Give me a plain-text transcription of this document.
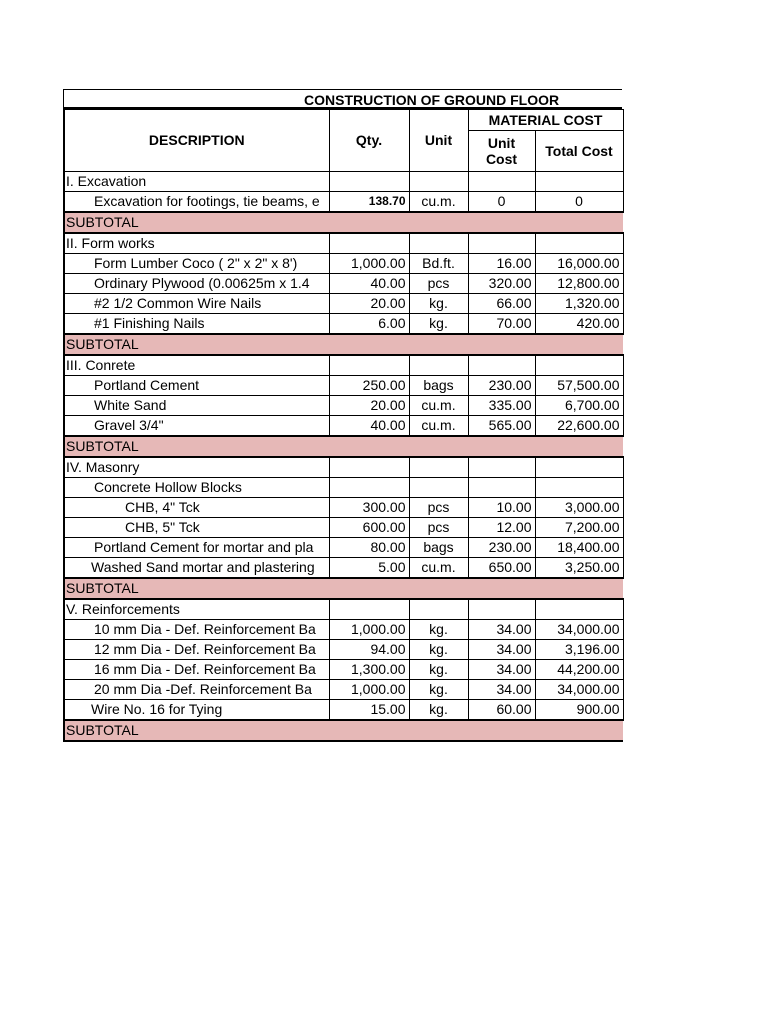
CONSTRUCTION OF GROUND FLOOR
DESCRIPTION	Qty.	Unit	MATERIAL COST	
			Unit Cost	Total Cost
I. Excavation				
Excavation for footings, tie beams, e	138.70	cu.m.	0	0
SUBTOTAL				
II. Form works				
Form Lumber Coco ( 2" x 2" x 8')	1,000.00	Bd.ft.	16.00	16,000.00
Ordinary Plywood (0.00625m x 1.4	40.00	pcs	320.00	12,800.00
#2 1/2 Common Wire Nails	20.00	kg.	66.00	1,320.00
#1 Finishing Nails	6.00	kg.	70.00	420.00
SUBTOTAL				
III. Conrete				
Portland Cement	250.00	bags	230.00	57,500.00
White Sand	20.00	cu.m.	335.00	6,700.00
Gravel 3/4"	40.00	cu.m.	565.00	22,600.00
SUBTOTAL				
IV. Masonry				
Concrete Hollow Blocks				
CHB, 4" Tck	300.00	pcs	10.00	3,000.00
CHB, 5" Tck	600.00	pcs	12.00	7,200.00
Portland Cement for mortar and pla	80.00	bags	230.00	18,400.00
Washed Sand mortar and plastering	5.00	cu.m.	650.00	3,250.00
SUBTOTAL				
V. Reinforcements				
10 mm Dia - Def. Reinforcement Ba	1,000.00	kg.	34.00	34,000.00
12 mm Dia - Def. Reinforcement Ba	94.00	kg.	34.00	3,196.00
16 mm Dia - Def. Reinforcement Ba	1,300.00	kg.	34.00	44,200.00
20 mm Dia -Def. Reinforcement Ba	1,000.00	kg.	34.00	34,000.00
Wire No. 16 for Tying	15.00	kg.	60.00	900.00
SUBTOTAL				
